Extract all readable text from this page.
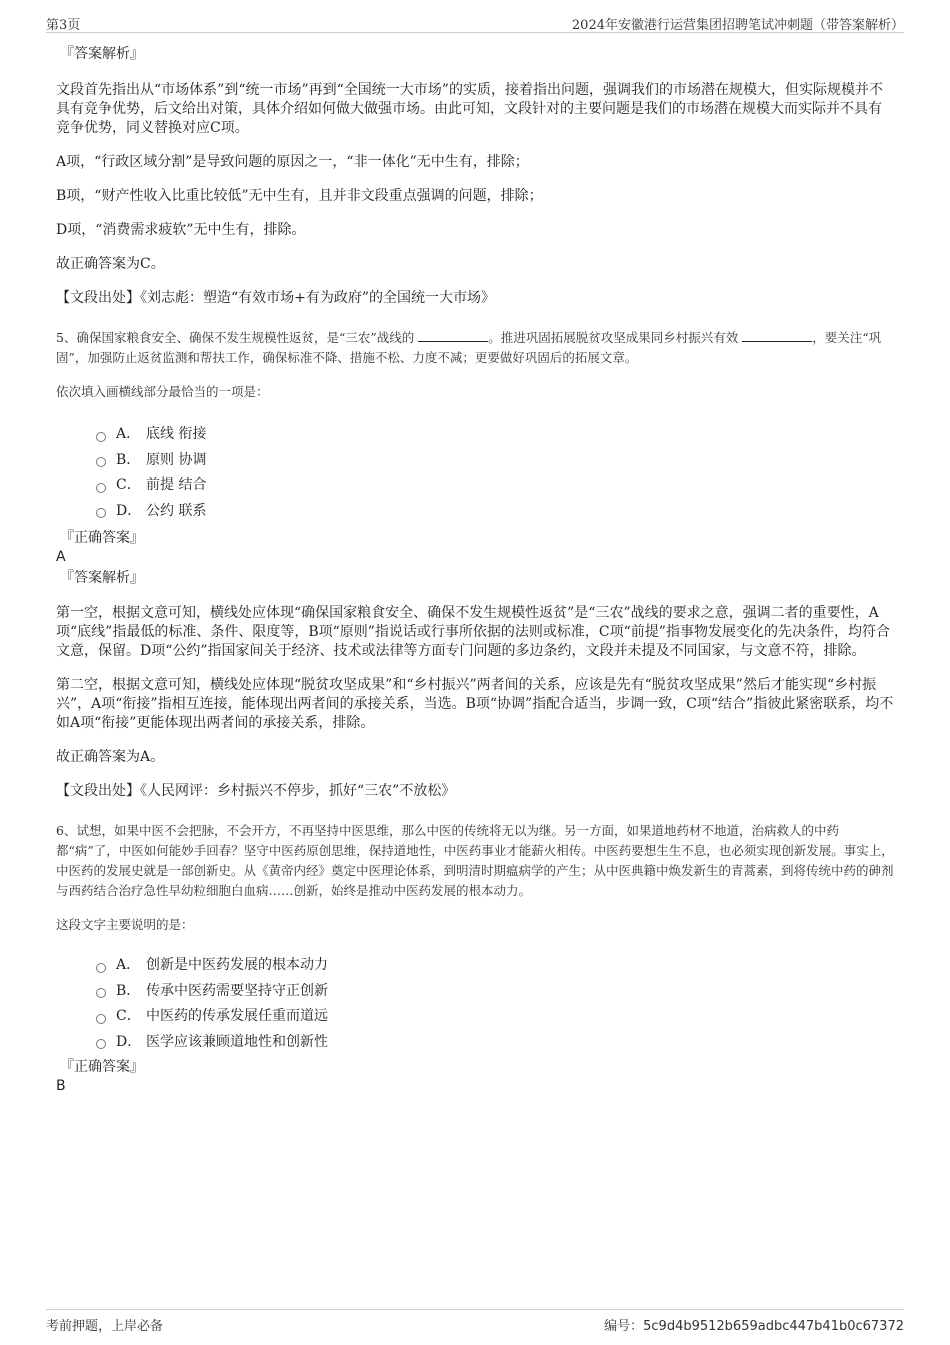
第3页	2024年安徽港行运营集团招聘笔试冲刺题（带答案解析）
『答案解析』

文段首先指出从“市场体系”到“统一市场”再到“全国统一大市场”的实质，接着指出问题，强调我们的市场潜在规模大，但实际规模并不具有竞争优势，后文给出对策，具体介绍如何做大做强市场。由此可知，文段针对的主要问题是我们的市场潜在规模大而实际并不具有竞争优势，同义替换对应C项。

A项，“行政区域分割”是导致问题的原因之一，“非一体化”无中生有，排除；

B项，“财产性收入比重比较低”无中生有，且并非文段重点强调的问题，排除；

D项，“消费需求疲软”无中生有，排除。

故正确答案为C。

【文段出处】《刘志彪：塑造“有效市场+有为政府”的全国统一大市场》

5、确保国家粮食安全、确保不发生规模性返贫，是“三农”战线的	。推进巩固拓展脱贫攻坚成果同乡村振兴有效	，要关注“巩固”，加强防止返贫监测和帮扶工作，确保标准不降、措施不松、力度不减；更要做好巩固后的拓展文章。

依次填入画横线部分最恰当的一项是：

A． 底线 衔接
B． 原则 协调
C． 前提 结合
D． 公约 联系
『正确答案』
A
『答案解析』

第一空，根据文意可知，横线处应体现“确保国家粮食安全、确保不发生规模性返贫”是“三农”战线的要求之意，强调二者的重要性，A项“底线”指最低的标准、条件、限度等，B项“原则”指说话或行事所依据的法则或标准，C项“前提”指事物发展变化的先决条件，均符合文意，保留。D项“公约”指国家间关于经济、技术或法律等方面专门问题的多边条约，文段并未提及不同国家，与文意不符，排除。

第二空，根据文意可知，横线处应体现“脱贫攻坚成果”和“乡村振兴”两者间的关系，应该是先有“脱贫攻坚成果”然后才能实现“乡村振兴”，A项“衔接”指相互连接，能体现出两者间的承接关系，当选。B项“协调”指配合适当，步调一致，C项“结合”指彼此紧密联系，均不如A项“衔接”更能体现出两者间的承接关系，排除。

故正确答案为A。

【文段出处】《人民网评：乡村振兴不停步，抓好“三农”不放松》

6、试想，如果中医不会把脉，不会开方，不再坚持中医思维，那么中医的传统将无以为继。另一方面，如果道地药材不地道，治病救人的中药都“病”了，中医如何能妙手回春？坚守中医药原创思维，保持道地性，中医药事业才能薪火相传。中医药要想生生不息，也必须实现创新发展。事实上，中医药的发展史就是一部创新史。从《黄帝内经》奠定中医理论体系，到明清时期瘟病学的产生；从中医典籍中焕发新生的青蒿素，到将传统中药的砷剂与西药结合治疗急性早幼粒细胞白血病……创新，始终是推动中医药发展的根本动力。

这段文字主要说明的是：

A． 创新是中医药发展的根本动力
B． 传承中医药需要坚持守正创新
C． 中医药的传承发展任重而道远
D． 医学应该兼顾道地性和创新性
『正确答案』
B
考前押题，上岸必备	编号：5c9d4b9512b659adbc447b41b0c67372
